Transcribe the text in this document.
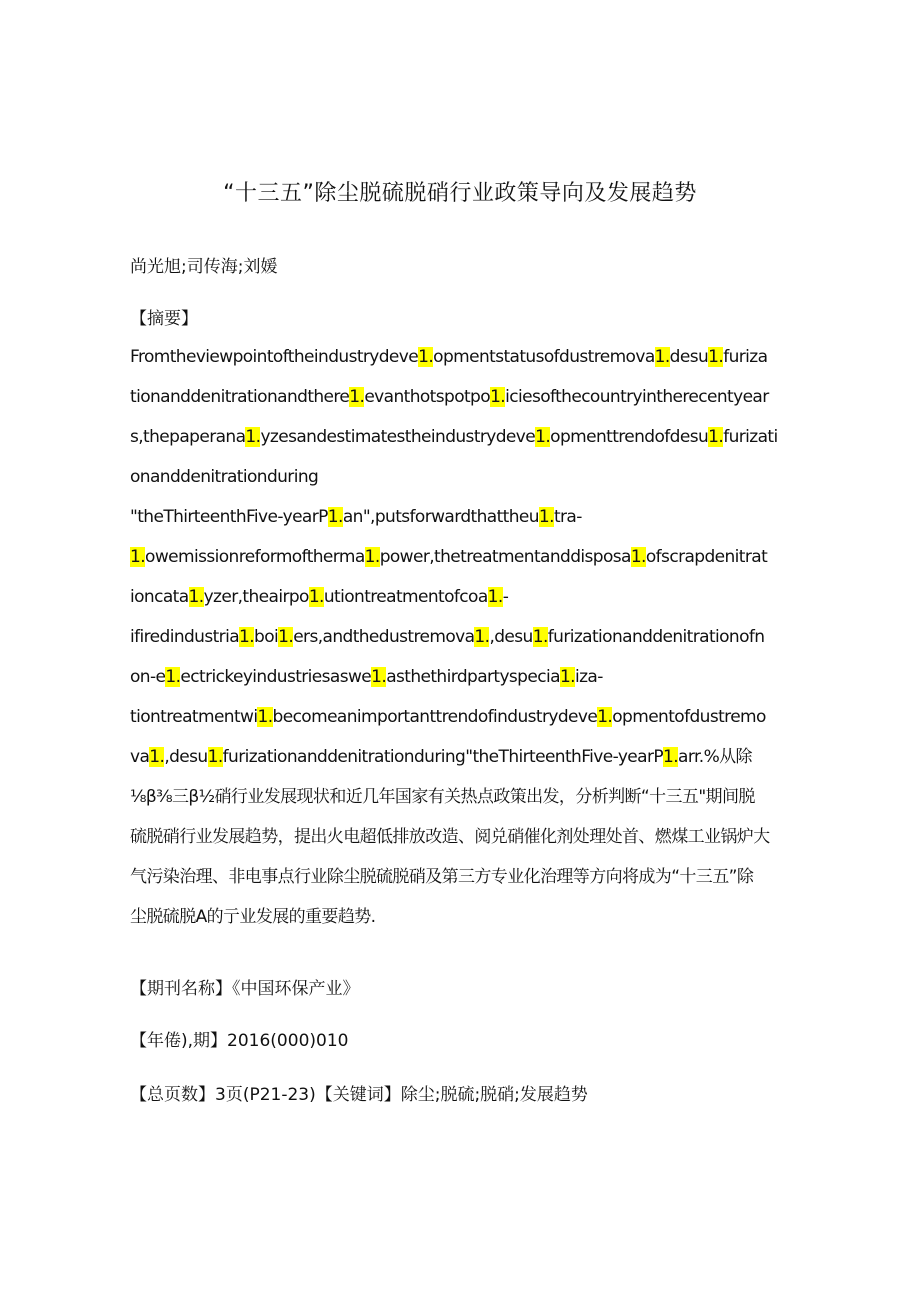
“十三五”除尘脱硫脱硝行业政策导向及发展趋势
尚光旭;司传海;刘媛
【摘要】
Fromtheviewpointoftheindustrydeve1.opmentstatusofdustremova1.desu1.furiza
tionanddenitrationandthere1.evanthotspotpo1.iciesofthecountryintherecentyear
s,thepaperana1.yzesandestimatestheindustrydeve1.opmenttrendofdesu1.furizati
onanddenitrationduring
"theThirteenthFive-yearP1.an",putsforwardthattheu1.tra-
1.owemissionreformoftherma1.power,thetreatmentanddisposa1.ofscrapdenitrat
ioncata1.yzer,theairpo1.utiontreatmentofcoa1.-
ifiredindustria1.boi1.ers,andthedustremova1.,desu1.furizationanddenitrationofn
on-e1.ectrickeyindustriesaswe1.asthethirdpartyspecia1.iza-
tiontreatmentwi1.becomeanimportanttrendofindustrydeve1.opmentofdustremo
va1.,desu1.furizationanddenitrationduring"theThirteenthFive-yearP1.arr.%从除
⅛β⅜三β½硝行业发展现状和近几年国家有关热点政策出发，分析判断“十三五"期间脱
硫脱硝行业发展趋势，提出火电超低排放改造、阅兑硝催化剂处理处首、燃煤工业锅炉大
气污染治理、非电事点行业除尘脱硫脱硝及第三方专业化治理等方向将成为“十三五”除
尘脱硫脱A的亍业发展的重要趋势.
【期刊名称】《中国环保产业》
【年倦),期】2016(000)010
【总页数】3页(P21-23)【关键词】除尘;脱硫;脱硝;发展趋势
